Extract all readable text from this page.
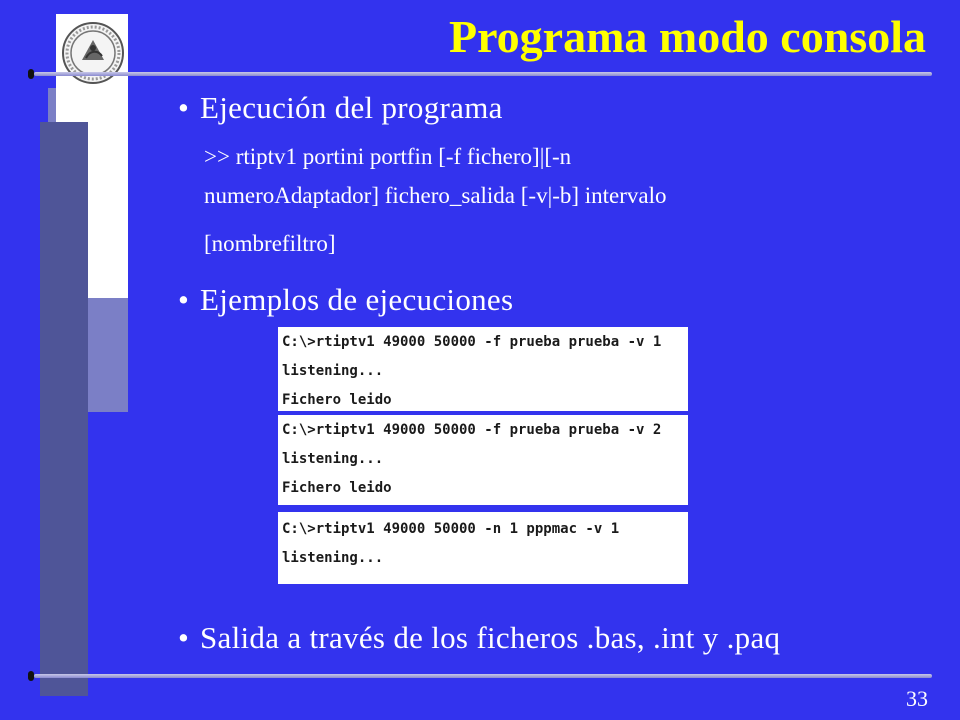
Programa modo consola
• Ejecución del programa
>> rtiptv1 portini portfin [-f fichero]|[-n
numeroAdaptador] fichero_salida [-v|-b] intervalo
[nombrefiltro]
• Ejemplos de ejecuciones
C:\>rtiptv1 49000 50000 -f prueba prueba -v 1
listening...
Fichero leido
C:\>rtiptv1 49000 50000 -f prueba prueba -v 2
listening...
Fichero leido
C:\>rtiptv1 49000 50000 -n 1 pppmac -v 1
listening...
• Salida a través de los ficheros .bas, .int y .paq
33
